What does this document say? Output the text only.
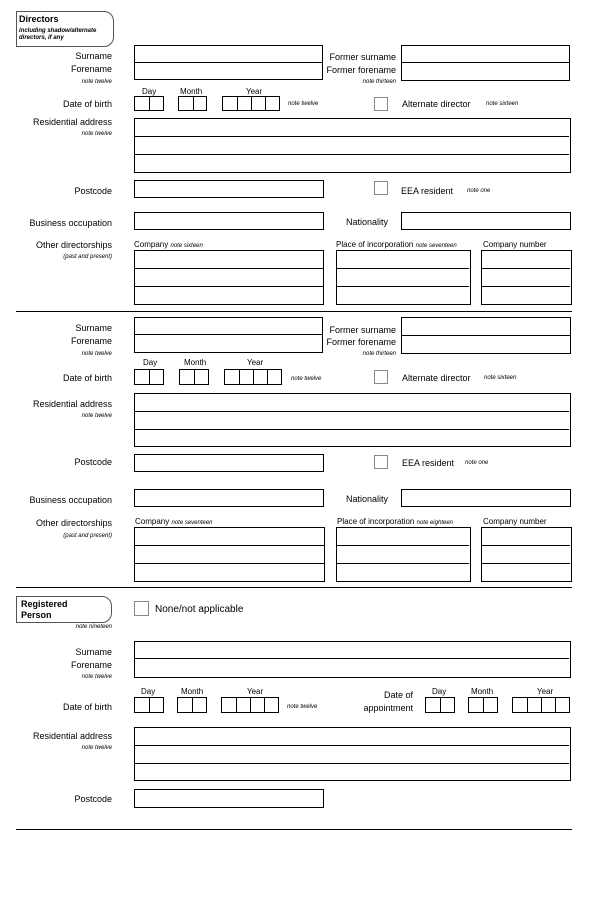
Directors
including shadow/alternate directors, if any
Surname
Forename
note twelve
Former surname
Former forename
note thirteen
Day	Month	Year
Date of birth	note twelve	Alternate director	note sixteen
Residential address
note twelve
Postcode	EEA resident note one
Business occupation	Nationality
Other directorships
(past and present)
Company note sixteen	Place of incorporation note seventeen	Company number
Surname
Forename
note twelve
Former surname
Former forename
note thirteen
Day	Month	Year
Date of birth	note twelve	Alternate director note sixteen
Residential address
note twelve
Postcode	EEA resident note one
Business occupation	Nationality
Other directorships
(past and present)
Company note seventeen	Place of incorporation note eighteen	Company number
Registered
Person
note nineteen
None/not applicable
Surname
Forename
note twelve
Day	Month	Year
Date of birth	note twelve
Date of
appointment
Day	Month	Year
Residential address
note twelve
Postcode
